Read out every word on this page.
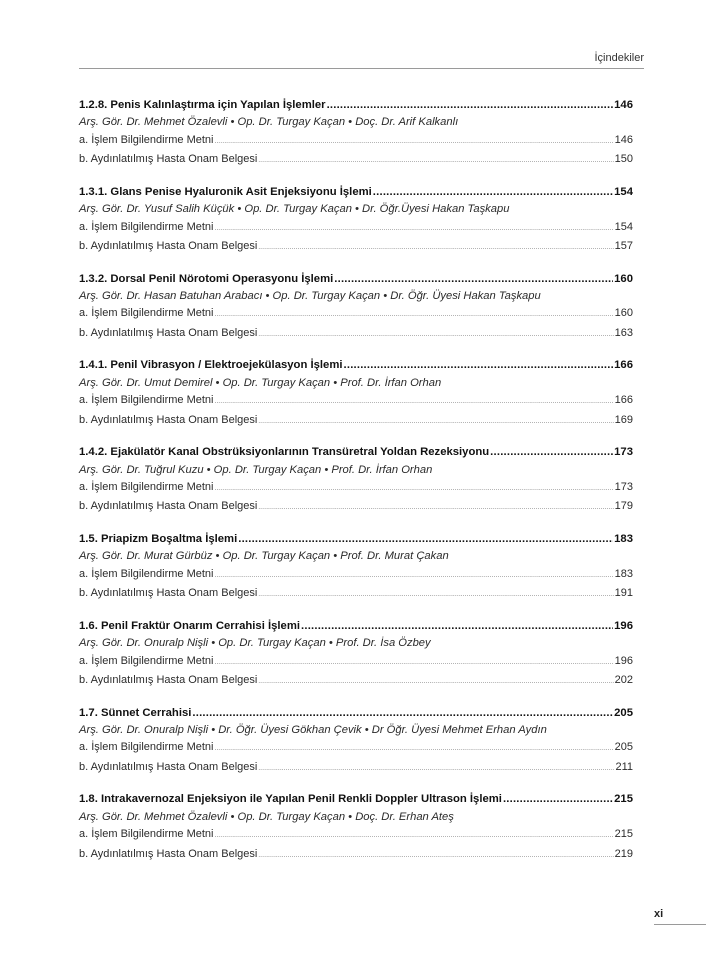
İçindekiler
1.2.8. Penis Kalınlaştırma için Yapılan İşlemler .....	146
Arş. Gör. Dr. Mehmet Özalevli • Op. Dr. Turgay Kaçan • Doç. Dr. Arif Kalkanlı
a. İşlem Bilgilendirme Metni .....	146
b. Aydınlatılmış Hasta Onam Belgesi .....	150
1.3.1. Glans Penise Hyaluronik Asit Enjeksiyonu İşlemi .....	154
Arş. Gör. Dr. Yusuf Salih Küçük • Op. Dr. Turgay Kaçan • Dr. Öğr.Üyesi Hakan Taşkapu
a. İşlem Bilgilendirme Metni .....	154
b. Aydınlatılmış Hasta Onam Belgesi .....	157
1.3.2. Dorsal Penil Nörotomi Operasyonu İşlemi .....	160
Arş. Gör. Dr. Hasan Batuhan Arabacı • Op. Dr. Turgay Kaçan • Dr. Öğr. Üyesi Hakan Taşkapu
a. İşlem Bilgilendirme Metni .....	160
b. Aydınlatılmış Hasta Onam Belgesi .....	163
1.4.1. Penil Vibrasyon / Elektroejekülasyon İşlemi .....	166
Arş. Gör. Dr. Umut Demirel • Op. Dr. Turgay Kaçan • Prof. Dr. İrfan Orhan
a. İşlem Bilgilendirme Metni .....	166
b. Aydınlatılmış Hasta Onam Belgesi .....	169
1.4.2. Ejakülatör Kanal Obstrüksiyonlarının Transüretral Yoldan Rezeksiyonu .....	173
Arş. Gör. Dr. Tuğrul Kuzu • Op. Dr. Turgay Kaçan • Prof. Dr. İrfan Orhan
a. İşlem Bilgilendirme Metni .....	173
b. Aydınlatılmış Hasta Onam Belgesi .....	179
1.5. Priapizm Boşaltma İşlemi .....	183
Arş. Gör. Dr. Murat Gürbüz • Op. Dr. Turgay Kaçan • Prof. Dr. Murat Çakan
a. İşlem Bilgilendirme Metni .....	183
b. Aydınlatılmış Hasta Onam Belgesi .....	191
1.6. Penil Fraktür Onarım Cerrahisi İşlemi .....	196
Arş. Gör. Dr. Onuralp Nişli • Op. Dr. Turgay Kaçan • Prof. Dr. İsa Özbey
a. İşlem Bilgilendirme Metni .....	196
b. Aydınlatılmış Hasta Onam Belgesi .....	202
1.7. Sünnet Cerrahisi .....	205
Arş. Gör. Dr. Onuralp Nişli • Dr. Öğr. Üyesi Gökhan Çevik • Dr Öğr. Üyesi Mehmet Erhan Aydın
a. İşlem Bilgilendirme Metni .....	205
b. Aydınlatılmış Hasta Onam Belgesi .....	211
1.8. Intrakavernozal Enjeksiyon ile Yapılan Penil Renkli Doppler Ultrason İşlemi .....	215
Arş. Gör. Dr. Mehmet Özalevli • Op. Dr. Turgay Kaçan • Doç. Dr. Erhan Ateş
a. İşlem Bilgilendirme Metni .....	215
b. Aydınlatılmış Hasta Onam Belgesi .....	219
xi
